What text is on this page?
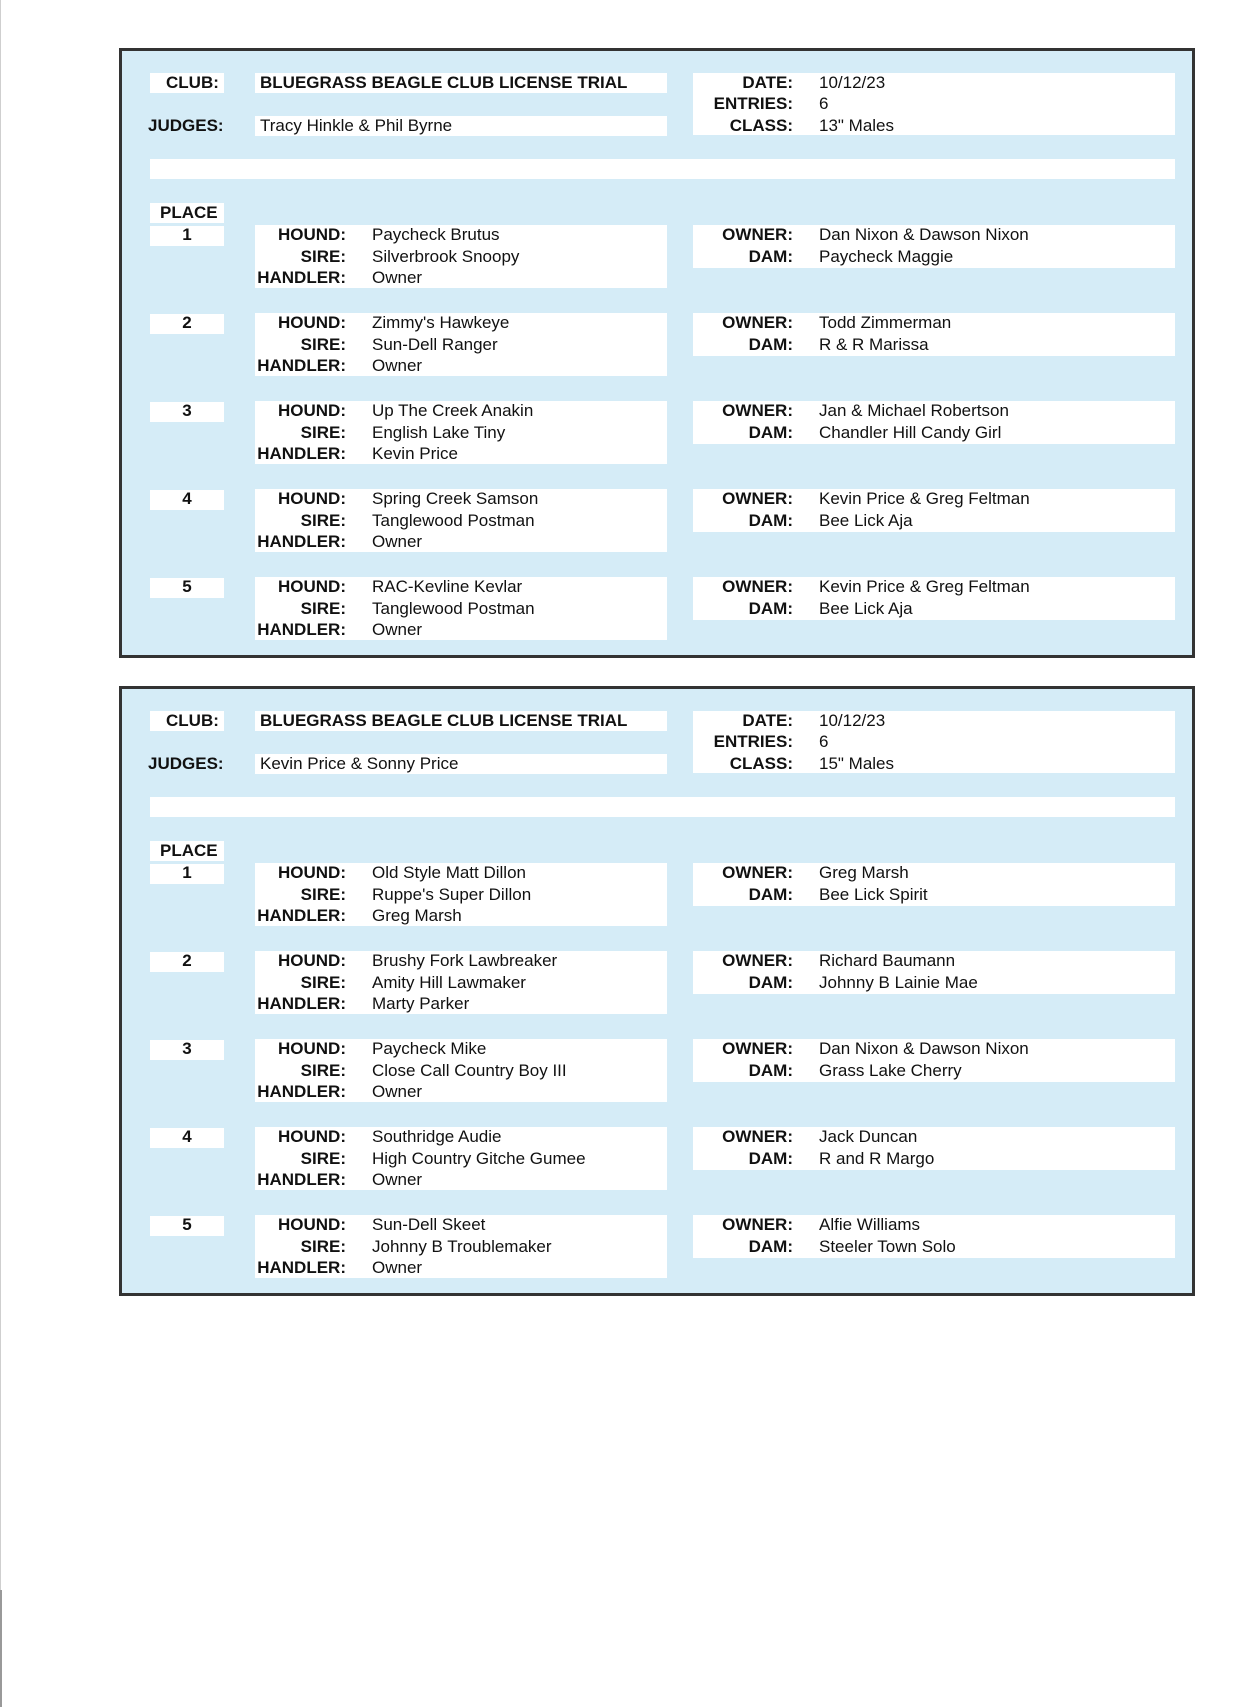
CLUB: BLUEGRASS BEAGLE CLUB LICENSE TRIAL
JUDGES: Tracy Hinkle & Phil Byrne
DATE: 10/12/23
ENTRIES: 6
CLASS: 13" Males
PLACE
1	HOUND: Paycheck Brutus
SIRE: Silverbrook Snoopy
HANDLER: Owner
OWNER: Dan Nixon & Dawson Nixon
DAM: Paycheck Maggie
2	HOUND: Zimmy's Hawkeye
SIRE: Sun-Dell Ranger
HANDLER: Owner
OWNER: Todd Zimmerman
DAM: R & R Marissa
3	HOUND: Up The Creek Anakin
SIRE: English Lake Tiny
HANDLER: Kevin Price
OWNER: Jan & Michael Robertson
DAM: Chandler Hill Candy Girl
4	HOUND: Spring Creek Samson
SIRE: Tanglewood Postman
HANDLER: Owner
OWNER: Kevin Price & Greg Feltman
DAM: Bee Lick Aja
5	HOUND: RAC-Kevline Kevlar
SIRE: Tanglewood Postman
HANDLER: Owner
OWNER: Kevin Price & Greg Feltman
DAM: Bee Lick Aja
CLUB: BLUEGRASS BEAGLE CLUB LICENSE TRIAL
JUDGES: Kevin Price & Sonny Price
DATE: 10/12/23
ENTRIES: 6
CLASS: 15" Males
PLACE
1	HOUND: Old Style Matt Dillon
SIRE: Ruppe's Super Dillon
HANDLER: Greg Marsh
OWNER: Greg Marsh
DAM: Bee Lick Spirit
2	HOUND: Brushy Fork Lawbreaker
SIRE: Amity Hill Lawmaker
HANDLER: Marty Parker
OWNER: Richard Baumann
DAM: Johnny B Lainie Mae
3	HOUND: Paycheck Mike
SIRE: Close Call Country Boy III
HANDLER: Owner
OWNER: Dan Nixon & Dawson Nixon
DAM: Grass Lake Cherry
4	HOUND: Southridge Audie
SIRE: High Country Gitche Gumee
HANDLER: Owner
OWNER: Jack Duncan
DAM: R and R Margo
5	HOUND: Sun-Dell Skeet
SIRE: Johnny B Troublemaker
HANDLER: Owner
OWNER: Alfie Williams
DAM: Steeler Town Solo
